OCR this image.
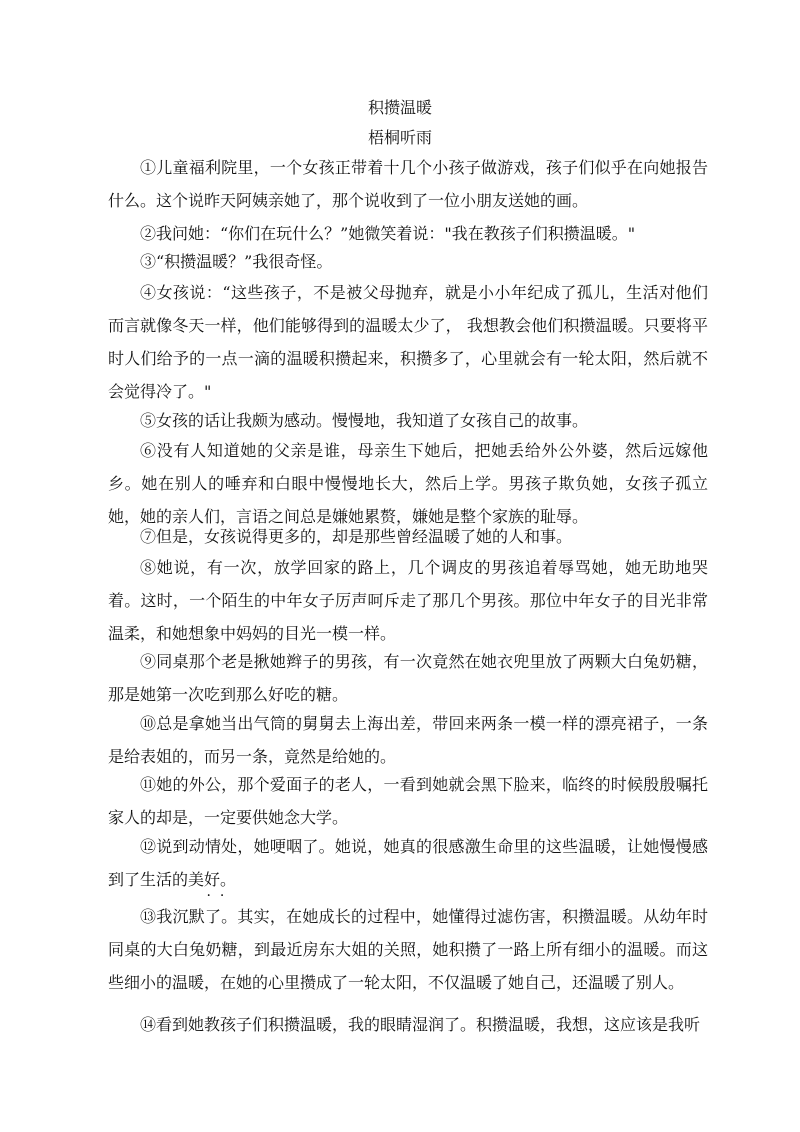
积攒温暖
梧桐听雨

①儿童福利院里，一个女孩正带着十几个小孩子做游戏，孩子们似乎在向她报告什么。这个说昨天阿姨亲她了，那个说收到了一位小朋友送她的画。

②我问她：“你们在玩什么？”她微笑着说："我在教孩子们积攒温暖。"

③“积攒温暖？”我很奇怪。

④女孩说：“这些孩子，不是被父母抛弃，就是小小年纪成了孤儿，生活对他们而言就像冬天一样，他们能够得到的温暖太少了， 我想教会他们积攒温暖。只要将平时人们给予的一点一滴的温暖积攒起来，积攒多了，心里就会有一轮太阳，然后就不会觉得冷了。"

⑤女孩的话让我颇为感动。慢慢地，我知道了女孩自己的故事。

⑥没有人知道她的父亲是谁，母亲生下她后，把她丢给外公外婆，然后远嫁他乡。她在别人的唾弃和白眼中慢慢地长大，然后上学。男孩子欺负她，女孩子孤立她，她的亲人们，言语之间总是嫌她累赘，嫌她是整个家族的耻辱。

⑦但是，女孩说得更多的，却是那些曾经温暖了她的人和事。

⑧她说，有一次，放学回家的路上，几个调皮的男孩追着辱骂她，她无助地哭着。这时，一个陌生的中年女子厉声呵斥走了那几个男孩。那位中年女子的目光非常温柔，和她想象中妈妈的目光一模一样。

⑨同桌那个老是揪她辫子的男孩，有一次竟然在她衣兜里放了两颗大白兔奶糖，那是她第一次吃到那么好吃的糖。

⑩总是拿她当出气筒的舅舅去上海出差，带回来两条一模一样的漂亮裙子，一条是给表姐的，而另一条，竟然是给她的。

⑪她的外公，那个爱面子的老人，一看到她就会黑下脸来，临终的时候殷殷嘱托家人的却是，一定要供她念大学。

⑫说到动情处，她哽咽了。她说，她真的很感激生命里的这些温暖，让她慢慢感到了生活的美好。

⑬我沉默 · ·了。其实，在她成长的过程中，她懂得过滤伤害，积攒温暖。从幼年时同桌的大白兔奶糖，到最近房东大姐的关照，她积攒了一路上所有细小的温暖。而这些细小的温暖，在她的心里攒成了一轮太阳，不仅温暖了她自己，还温暖了别人。

⑭看到她教孩子们积攒温暖，我的眼睛湿润了。积攒温暖，我想，这应该是我听
